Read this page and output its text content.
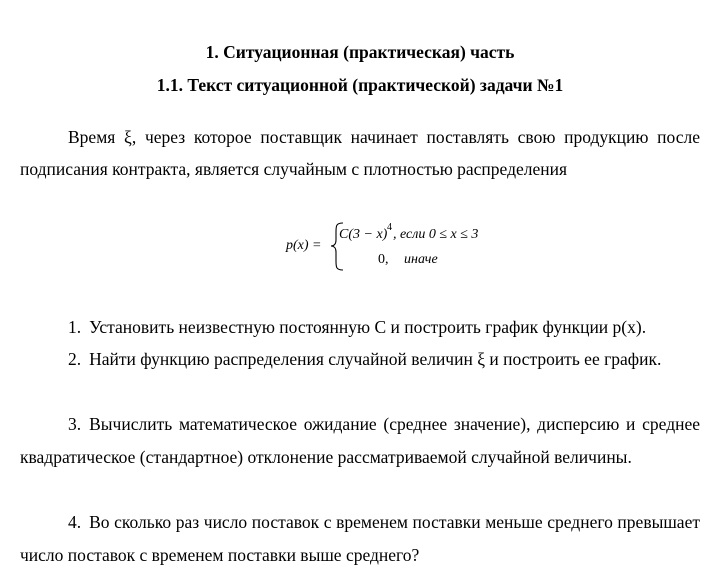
1. Ситуационная (практическая) часть

1.1. Текст ситуационной (практической) задачи №1

Время ξ, через которое поставщик начинает поставлять свою продукцию после подписания контракта, является случайным с плотностью распределения

p(x) =
C(3 − x) 4 , если 0 ≤ x ≤ 3
0, иначе

1. Установить неизвестную постоянную С и построить график функции p(x).

2. Найти функцию распределения случайной величин ξ и построить ее график.

3. Вычислить математическое ожидание (среднее значение), дисперсию и среднее квадратическое (стандартное) отклонение рассматриваемой случайной величины.

4. Во сколько раз число поставок с временем поставки меньше среднего превышает число поставок с временем поставки выше среднего?
